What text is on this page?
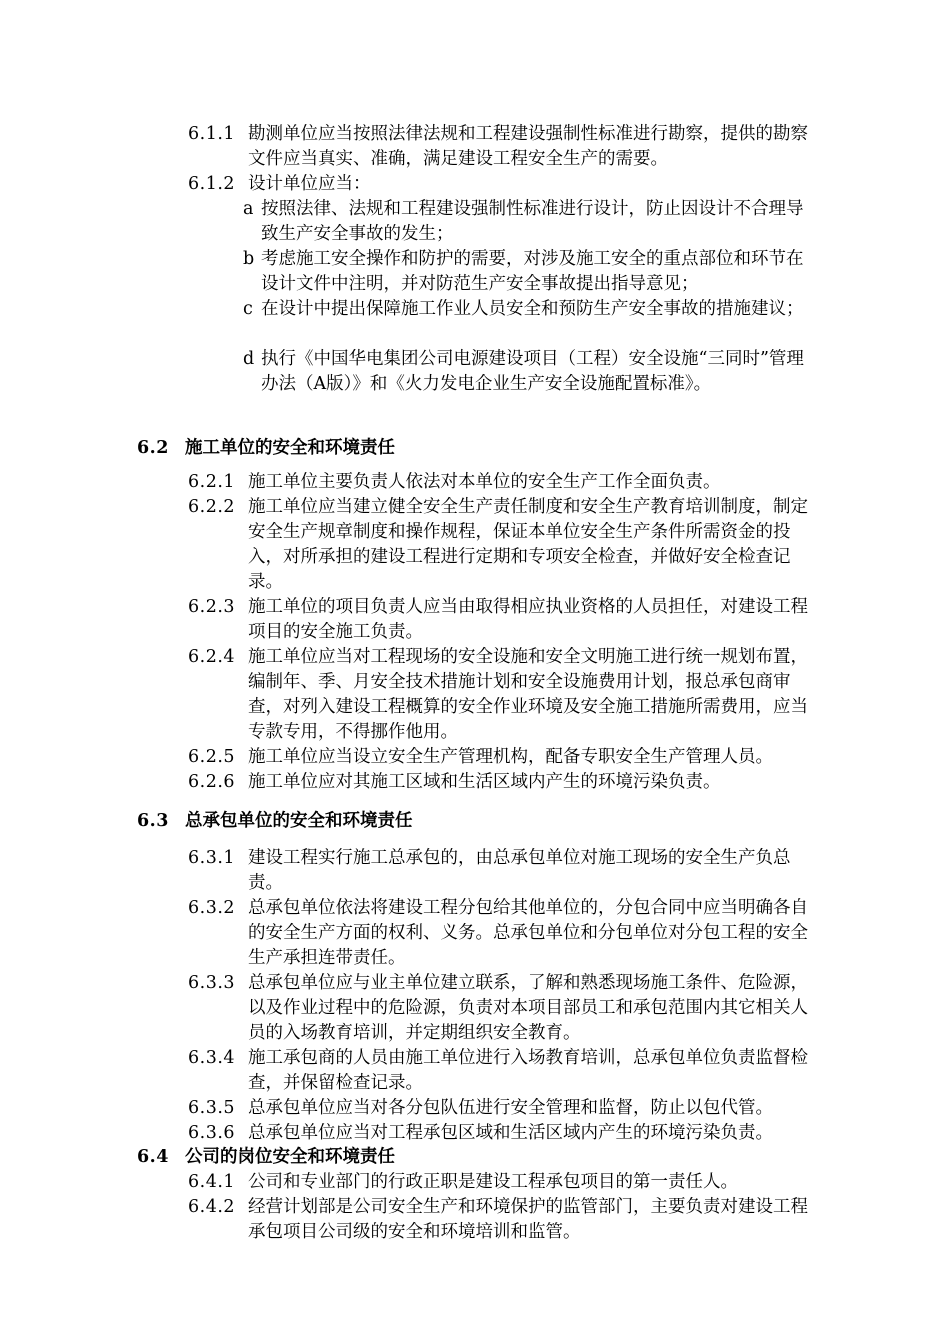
6.1.1 勘测单位应当按照法律法规和工程建设强制性标准进行勘察，提供的勘察文件应当真实、准确，满足建设工程安全生产的需要。
6.1.2 设计单位应当：
a 按照法律、法规和工程建设强制性标准进行设计，防止因设计不合理导致生产安全事故的发生；
b 考虑施工安全操作和防护的需要，对涉及施工安全的重点部位和环节在设计文件中注明，并对防范生产安全事故提出指导意见；
c 在设计中提出保障施工作业人员安全和预防生产安全事故的措施建议；
d 执行《中国华电集团公司电源建设项目（工程）安全设施“三同时”管理办法（A版）》和《火力发电企业生产安全设施配置标准》。
6.2 施工单位的安全和环境责任
6.2.1 施工单位主要负责人依法对本单位的安全生产工作全面负责。
6.2.2 施工单位应当建立健全安全生产责任制度和安全生产教育培训制度，制定安全生产规章制度和操作规程，保证本单位安全生产条件所需资金的投入，对所承担的建设工程进行定期和专项安全检查，并做好安全检查记录。
6.2.3 施工单位的项目负责人应当由取得相应执业资格的人员担任，对建设工程项目的安全施工负责。
6.2.4 施工单位应当对工程现场的安全设施和安全文明施工进行统一规划布置，编制年、季、月安全技术措施计划和安全设施费用计划，报总承包商审查，对列入建设工程概算的安全作业环境及安全施工措施所需费用，应当专款专用，不得挪作他用。
6.2.5 施工单位应当设立安全生产管理机构，配备专职安全生产管理人员。
6.2.6 施工单位应对其施工区域和生活区域内产生的环境污染负责。
6.3 总承包单位的安全和环境责任
6.3.1 建设工程实行施工总承包的，由总承包单位对施工现场的安全生产负总责。
6.3.2 总承包单位依法将建设工程分包给其他单位的，分包合同中应当明确各自的安全生产方面的权利、义务。总承包单位和分包单位对分包工程的安全生产承担连带责任。
6.3.3 总承包单位应与业主单位建立联系，了解和熟悉现场施工条件、危险源，以及作业过程中的危险源，负责对本项目部员工和承包范围内其它相关人员的入场教育培训，并定期组织安全教育。
6.3.4 施工承包商的人员由施工单位进行入场教育培训，总承包单位负责监督检查，并保留检查记录。
6.3.5 总承包单位应当对各分包队伍进行安全管理和监督，防止以包代管。
6.3.6 总承包单位应当对工程承包区域和生活区域内产生的环境污染负责。
6.4 公司的岗位安全和环境责任
6.4.1 公司和专业部门的行政正职是建设工程承包项目的第一责任人。
6.4.2 经营计划部是公司安全生产和环境保护的监管部门，主要负责对建设工程承包项目公司级的安全和环境培训和监管。
